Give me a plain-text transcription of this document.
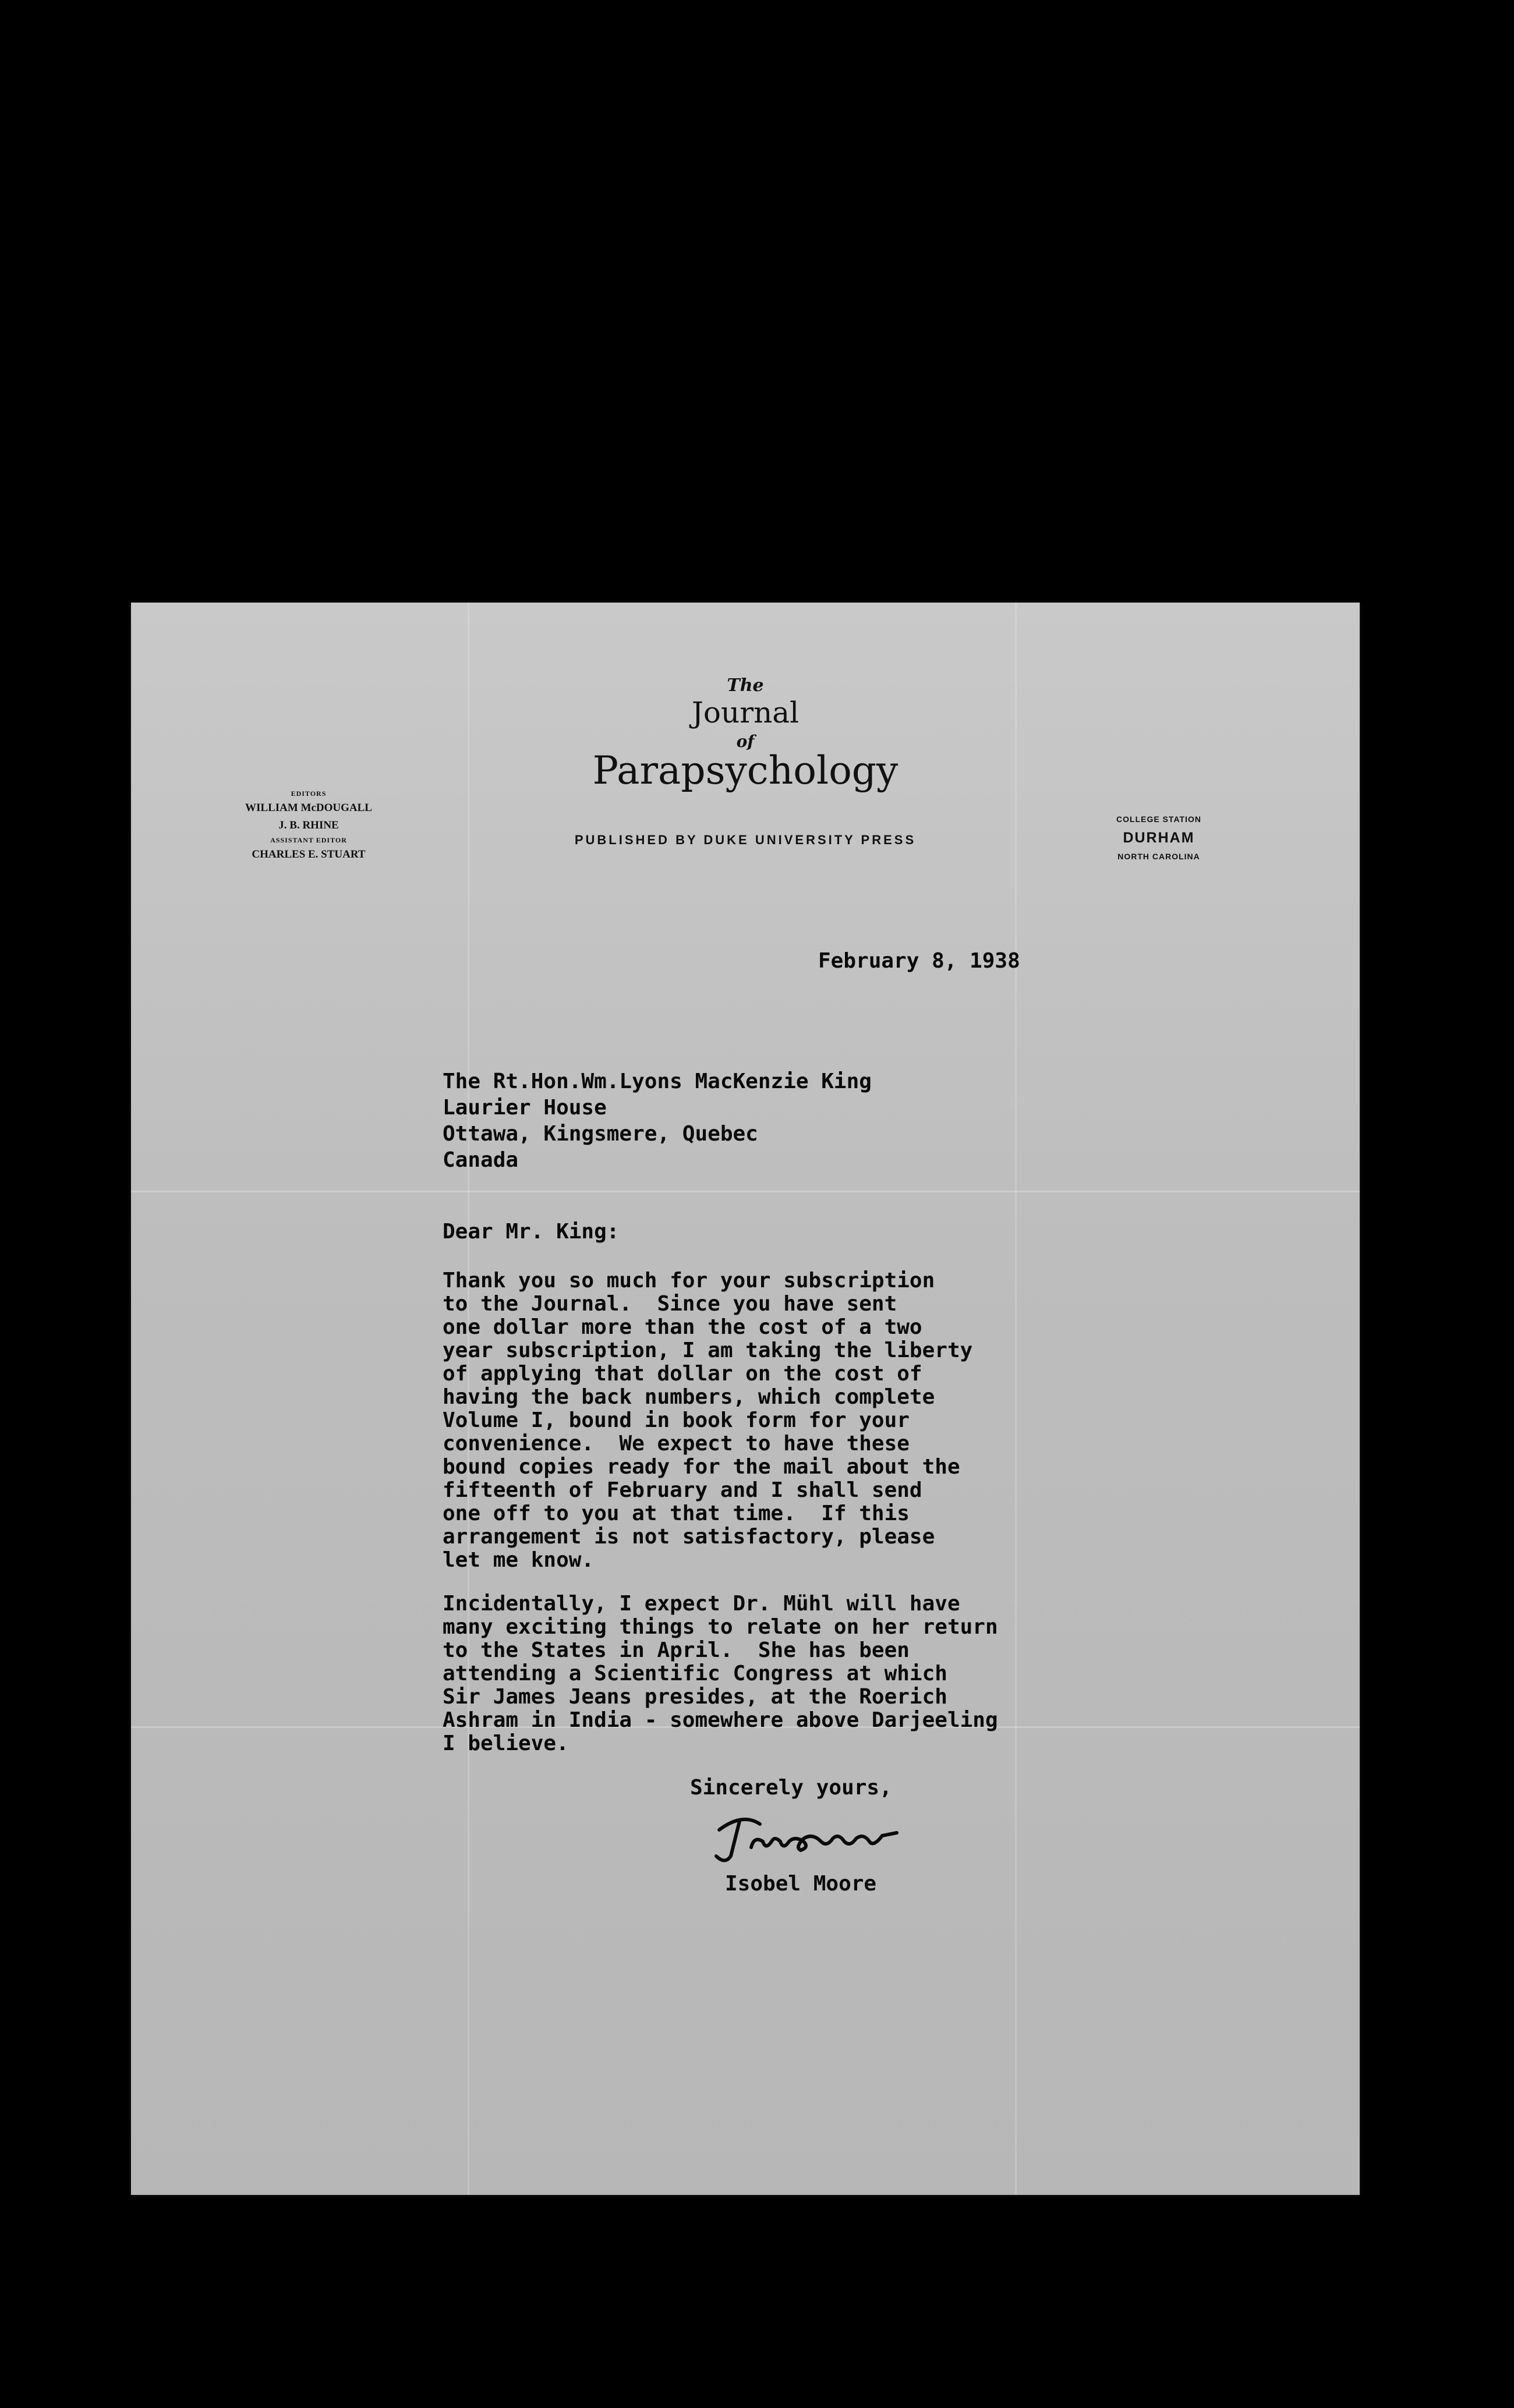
The
Journal
of
Parapsychology
PUBLISHED BY DUKE UNIVERSITY PRESS
EDITORS
WILLIAM McDOUGALL
J. B. RHINE
ASSISTANT EDITOR
CHARLES E. STUART
COLLEGE STATION
DURHAM
NORTH CAROLINA
February 8, 1938
The Rt.Hon.Wm.Lyons MacKenzie King
Laurier House
Ottawa, Kingsmere, Quebec
Canada
Dear Mr. King:
Thank you so much for your subscription
to the Journal.  Since you have sent
one dollar more than the cost of a two
year subscription, I am taking the liberty
of applying that dollar on the cost of
having the back numbers, which complete
Volume I, bound in book form for your
convenience.  We expect to have these
bound copies ready for the mail about the
fifteenth of February and I shall send
one off to you at that time.  If this
arrangement is not satisfactory, please
let me know.
Incidentally, I expect Dr. Mühl will have
many exciting things to relate on her return
to the States in April.  She has been
attending a Scientific Congress at which
Sir James Jeans presides, at the Roerich
Ashram in India - somewhere above Darjeeling
I believe.
Sincerely yours,
Isobel Moore
